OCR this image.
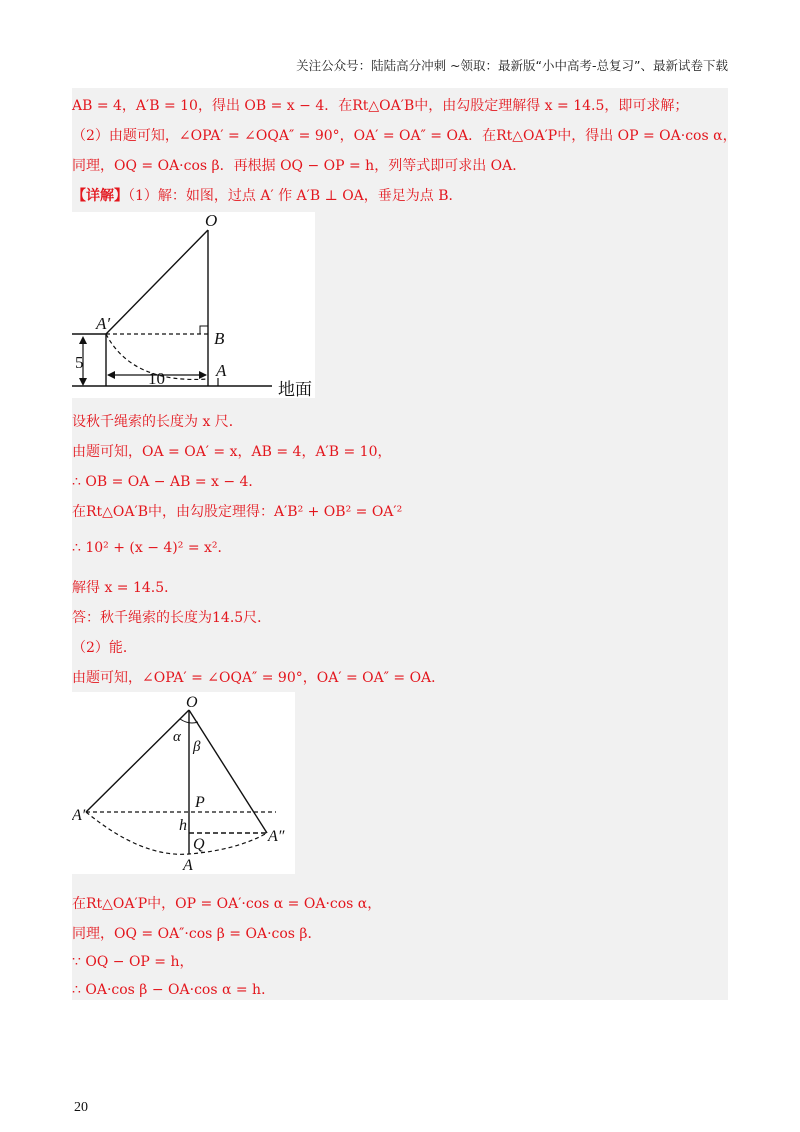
关注公众号：陆陆高分冲刺 ~领取：最新版“小中高考-总复习”、最新试卷下载
AB = 4，A′B = 10，得出 OB = x − 4．在Rt△OA′B中，由勾股定理解得 x = 14.5，即可求解；
（2）由题可知，∠OPA′ = ∠OQA″ = 90°，OA′ = OA″ = OA．在Rt△OA′P中，得出 OP = OA·cos α，
同理，OQ = OA·cos β．再根据 OQ − OP = h，列等式即可求出 OA．
【详解】（1）解：如图，过点 A′ 作 A′B ⊥ OA，垂足为点 B．
O
A′
B
A
5
10
地面
设秋千绳索的长度为 x 尺．
由题可知，OA = OA′ = x，AB = 4，A′B = 10，
∴ OB = OA − AB = x − 4．
在Rt△OA′B中，由勾股定理得：A′B² + OB² = OA′²
∴ 10² + (x − 4)² = x²．
解得 x = 14.5．
答：秋千绳索的长度为14.5尺．
（2）能．
由题可知，∠OPA′ = ∠OQA″ = 90°，OA′ = OA″ = OA．
O
α
β
A′
P
h
Q	A″
A
在Rt△OA′P中，OP = OA′·cos α = OA·cos α，
同理，OQ = OA″·cos β = OA·cos β．
∵ OQ − OP = h，
∴ OA·cos β − OA·cos α = h．
20
